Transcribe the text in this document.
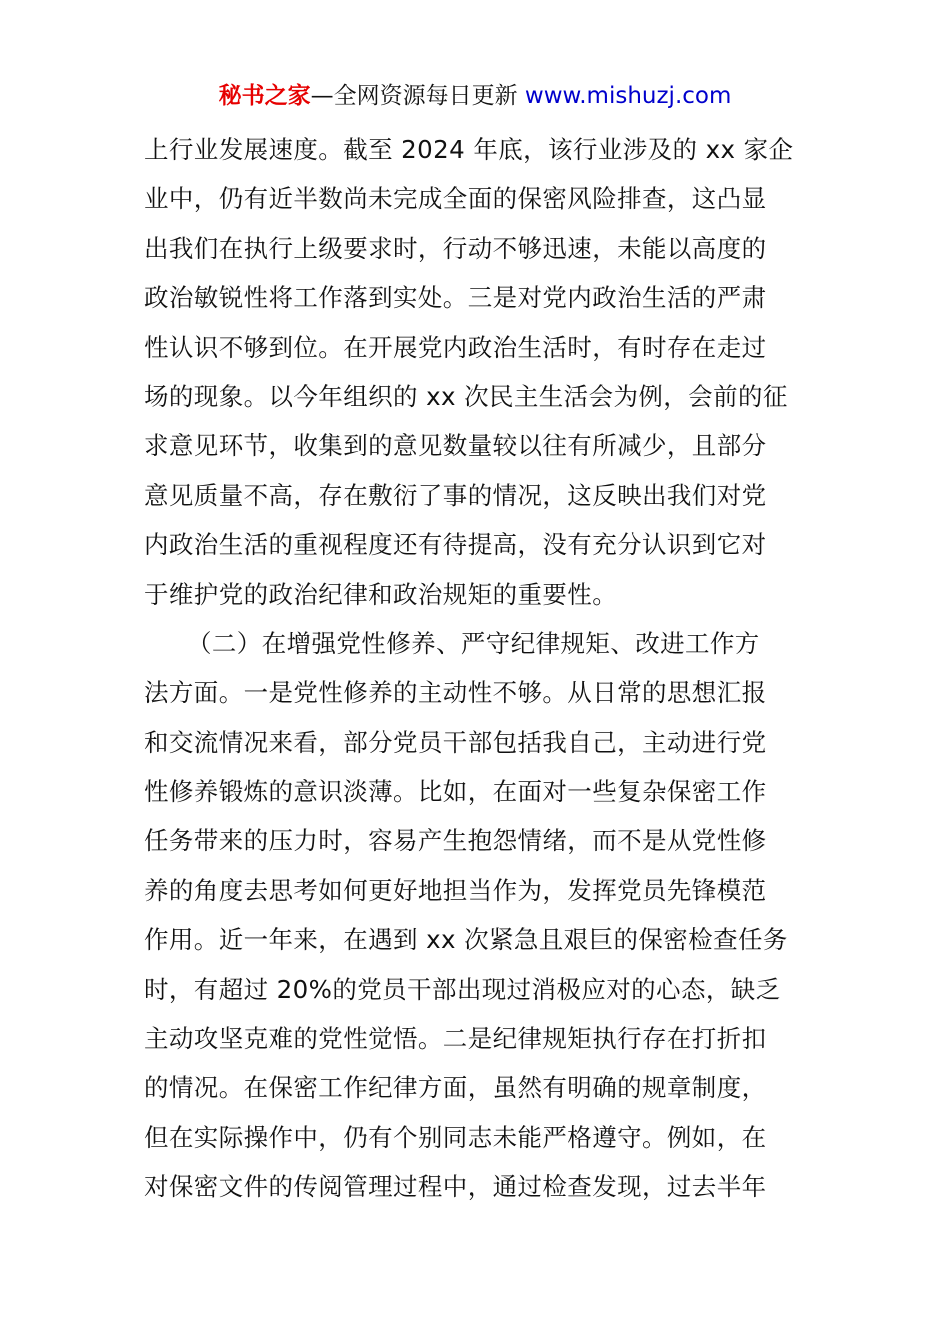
秘书之家—全网资源每日更新 www.mishuzj.com
上行业发展速度。截至 2024 年底，该行业涉及的 xx 家企
业中，仍有近半数尚未完成全面的保密风险排查，这凸显
出我们在执行上级要求时，行动不够迅速，未能以高度的
政治敏锐性将工作落到实处。三是对党内政治生活的严肃
性认识不够到位。在开展党内政治生活时，有时存在走过
场的现象。以今年组织的 xx 次民主生活会为例，会前的征
求意见环节，收集到的意见数量较以往有所减少，且部分
意见质量不高，存在敷衍了事的情况，这反映出我们对党
内政治生活的重视程度还有待提高，没有充分认识到它对
于维护党的政治纪律和政治规矩的重要性。
（二）在增强党性修养、严守纪律规矩、改进工作方
法方面。一是党性修养的主动性不够。从日常的思想汇报
和交流情况来看，部分党员干部包括我自己，主动进行党
性修养锻炼的意识淡薄。比如，在面对一些复杂保密工作
任务带来的压力时，容易产生抱怨情绪，而不是从党性修
养的角度去思考如何更好地担当作为，发挥党员先锋模范
作用。近一年来，在遇到 xx 次紧急且艰巨的保密检查任务
时，有超过 20%的党员干部出现过消极应对的心态，缺乏
主动攻坚克难的党性觉悟。二是纪律规矩执行存在打折扣
的情况。在保密工作纪律方面，虽然有明确的规章制度，
但在实际操作中，仍有个别同志未能严格遵守。例如，在
对保密文件的传阅管理过程中，通过检查发现，过去半年
